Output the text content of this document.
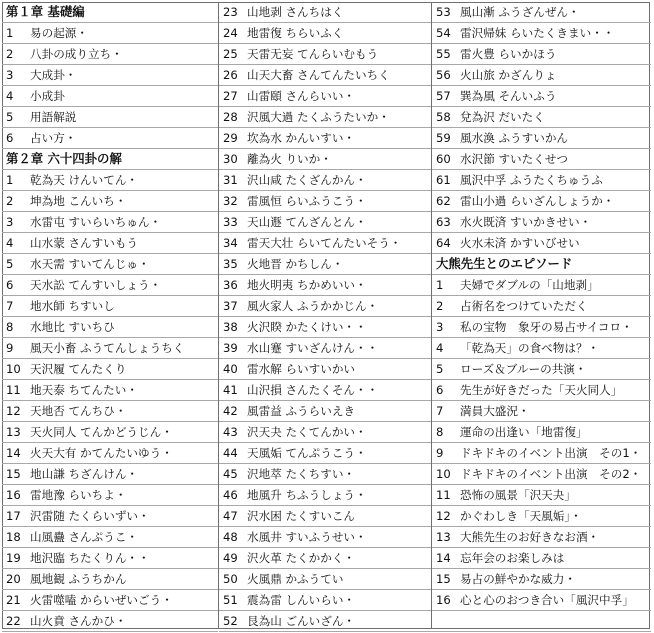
第１章 基礎編
1 易の起源・
2 八卦の成り立ち・
3 大成卦・
4 小成卦
5 用語解説
6 占い方・
第２章 六十四卦の解
1 乾為天 けんいてん・
2 坤為地 こんいち・
3 水雷屯 すいらいちゅん・
4 山水蒙 さんすいもう
5 水天需 すいてんじゅ・
6 天水訟 てんすいしょう・
7 地水師 ちすいし
8 水地比 すいちひ
9 風天小畜 ふうてんしょうちく
10 天沢履 てんたくり
11 地天泰 ちてんたい・
12 天地否 てんちひ・
13 天火同人 てんかどうじん・
14 火天大有 かてんたいゆう・
15 地山謙 ちざんけん・
16 雷地豫 らいちよ・
17 沢雷随 たくらいずい・
18 山風蠱 さんぷうこ・
19 地沢臨 ちたくりん・・
20 風地観 ふうちかん
21 火雷噬嗑 からいぜいごう・
22 山火賁 さんかひ・
23 山地剥 さんちはく
24 地雷復 ちらいふく
25 天雷无妄 てんらいむもう
26 山天大畜 さんてんたいちく
27 山雷頤 さんらいい・
28 沢風大過 たくふうたいか・
29 坎為水 かんいすい・
30 離為火 りいか・
31 沢山咸 たくざんかん・
32 雷風恒 らいふうこう・
33 天山遯 てんざんとん・
34 雷天大壮 らいてんたいそう・
35 火地晋 かちしん・
36 地火明夷 ちかめいい・
37 風火家人 ふうかかじん・
38 火沢睽 かたくけい・・
39 水山蹇 すいざんけん・・
40 雷水解 らいすいかい
41 山沢損 さんたくそん・・
42 風雷益 ふうらいえき
43 沢天夬 たくてんかい・
44 天風姤 てんぷうこう・
45 沢地萃 たくちすい・
46 地風升 ちふうしょう・
47 沢水困 たくすいこん
48 水風井 すいふうせい・
49 沢火革 たくかかく・
50 火風鼎 かふうてい
51 震為雷 しんいらい・
52 艮為山 ごんいざん・
53 風山漸 ふうざんぜん・
54 雷沢帰妹 らいたくきまい・・
55 雷火豊 らいかほう
56 火山旅 かざんりょ
57 巽為風 そんいふう
58 兌為沢 だいたく
59 風水渙 ふうすいかん
60 水沢節 すいたくせつ
61 風沢中孚 ふうたくちゅうふ
62 雷山小過 らいざんしょうか・
63 水火既済 すいかきせい・
64 火水未済 かすいびせい
大熊先生とのエピソード
1 夫婦でダブルの「山地剥」
2 占術名をつけていただく
3 私の宝物　象牙の易占サイコロ・
4 「乾為天」の食べ物は？・
5 ローズ＆ブルーの共演・
6 先生が好きだった「天火同人」
7 満員大盛況・
8 運命の出逢い「地雷復」
9 ドキドキのイベント出演　その1・
10 ドキドキのイベント出演　その2・
11 恐怖の風景「沢天夬」
12 かぐわしき「天風姤」・
13 大熊先生のお好きなお酒・
14 忘年会のお楽しみは
15 易占の鮮やかな威力・
16 心と心のおつき合い「風沢中孚」
